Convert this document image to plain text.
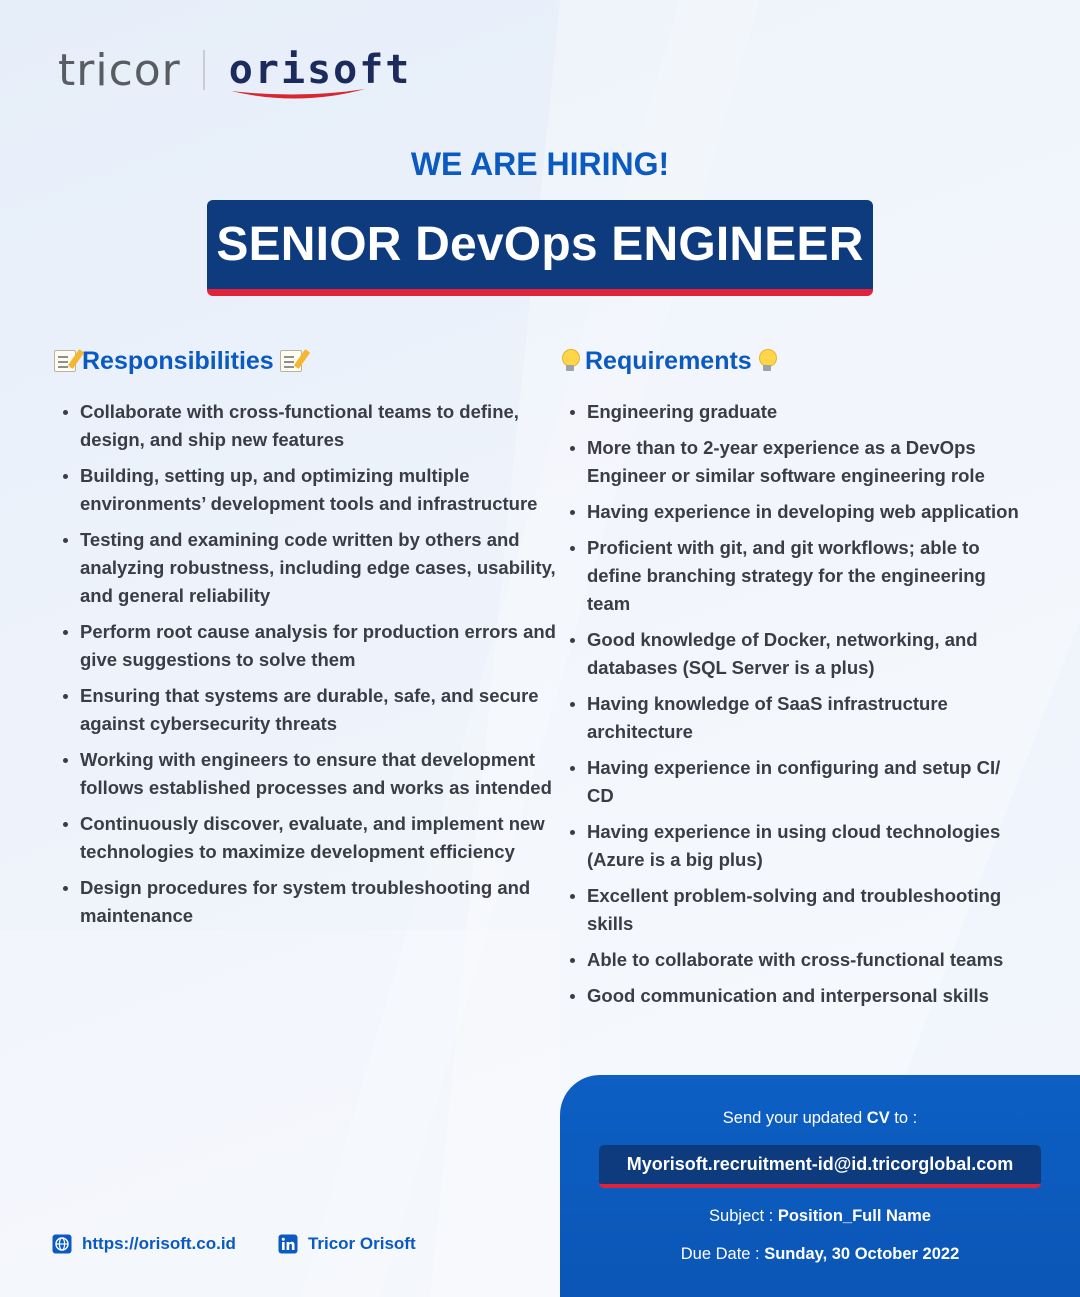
tricor orisoft
WE ARE HIRING!
SENIOR DevOps ENGINEER
Responsibilities
Collaborate with cross-functional teams to define, design, and ship new features
Building, setting up, and optimizing multiple environments’ development tools and infrastructure
Testing and examining code written by others and analyzing robustness, including edge cases, usability, and general reliability
Perform root cause analysis for production errors and give suggestions to solve them
Ensuring that systems are durable, safe, and secure against cybersecurity threats
Working with engineers to ensure that development follows established processes and works as intended
Continuously discover, evaluate, and implement new technologies to maximize development efficiency
Design procedures for system troubleshooting and maintenance
Requirements
Engineering graduate
More than to 2-year experience as a DevOps Engineer or similar software engineering role
Having experience in developing web application
Proficient with git, and git workflows; able to define branching strategy for the engineering team
Good knowledge of Docker, networking, and databases (SQL Server is a plus)
Having knowledge of SaaS infrastructure architecture
Having experience in configuring and setup CI/ CD
Having experience in using cloud technologies (Azure is a big plus)
Excellent problem-solving and troubleshooting skills
Able to collaborate with cross-functional teams
Good communication and interpersonal skills
https://orisoft.co.id	Tricor Orisoft
Send your updated CV to :
Myorisoft.recruitment-id@id.tricorglobal.com
Subject : Position_Full Name
Due Date : Sunday, 30 October 2022
